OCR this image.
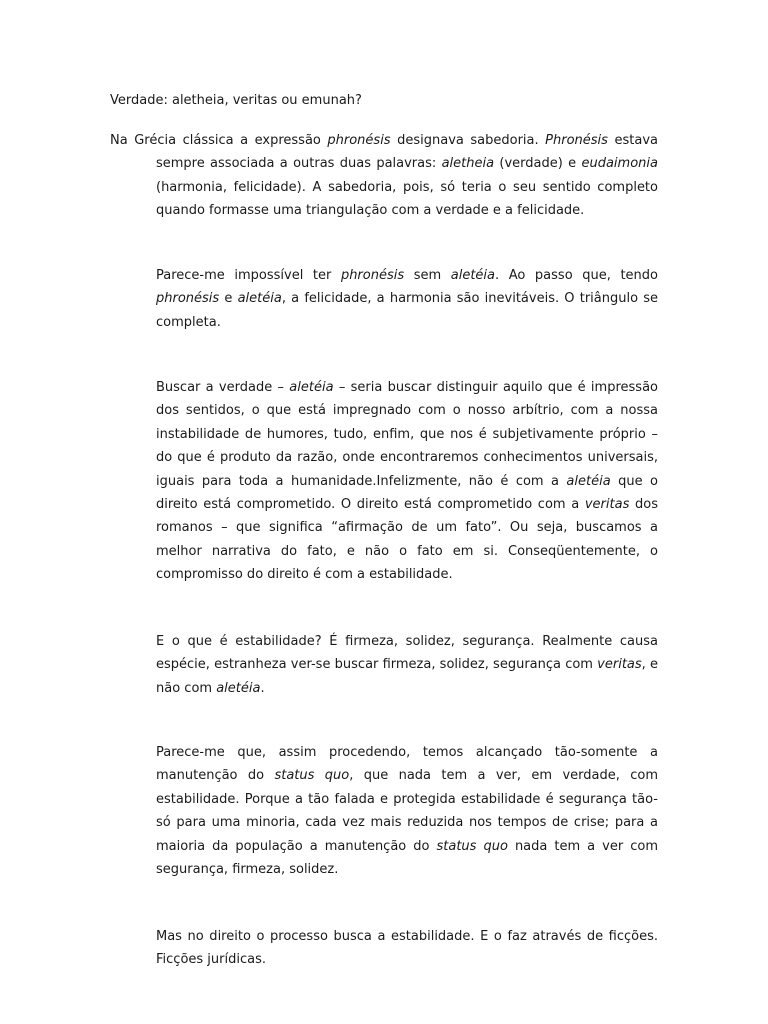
Verdade: aletheia, veritas ou emunah?

Na Grécia clássica a expressão phronésis designava sabedoria. Phronésis estava sempre associada a outras duas palavras: aletheia (verdade) e eudaimonia (harmonia, felicidade). A sabedoria, pois, só teria o seu sentido completo quando formasse uma triangulação com a verdade e a felicidade.

Parece-me impossível ter phronésis sem aletéia. Ao passo que, tendo phronésis e aletéia, a felicidade, a harmonia são inevitáveis. O triângulo se completa.

Buscar a verdade – aletéia – seria buscar distinguir aquilo que é impressão dos sentidos, o que está impregnado com o nosso arbítrio, com a nossa instabilidade de humores, tudo, enfim, que nos é subjetivamente próprio – do que é produto da razão, onde encontraremos conhecimentos universais, iguais para toda a humanidade.Infelizmente, não é com a aletéia que o direito está comprometido. O direito está comprometido com a veritas dos romanos – que significa “afirmação de um fato”. Ou seja, buscamos a melhor narrativa do fato, e não o fato em si. Conseqüentemente, o compromisso do direito é com a estabilidade.

E o que é estabilidade? É firmeza, solidez, segurança. Realmente causa espécie, estranheza ver-se buscar firmeza, solidez, segurança com veritas, e não com aletéia.

Parece-me que, assim procedendo, temos alcançado tão-somente a manutenção do status quo, que nada tem a ver, em verdade, com estabilidade. Porque a tão falada e protegida estabilidade é segurança tão-só para uma minoria, cada vez mais reduzida nos tempos de crise; para a maioria da população a manutenção do status quo nada tem a ver com segurança, firmeza, solidez.

Mas no direito o processo busca a estabilidade. E o faz através de ficções. Ficções jurídicas.
